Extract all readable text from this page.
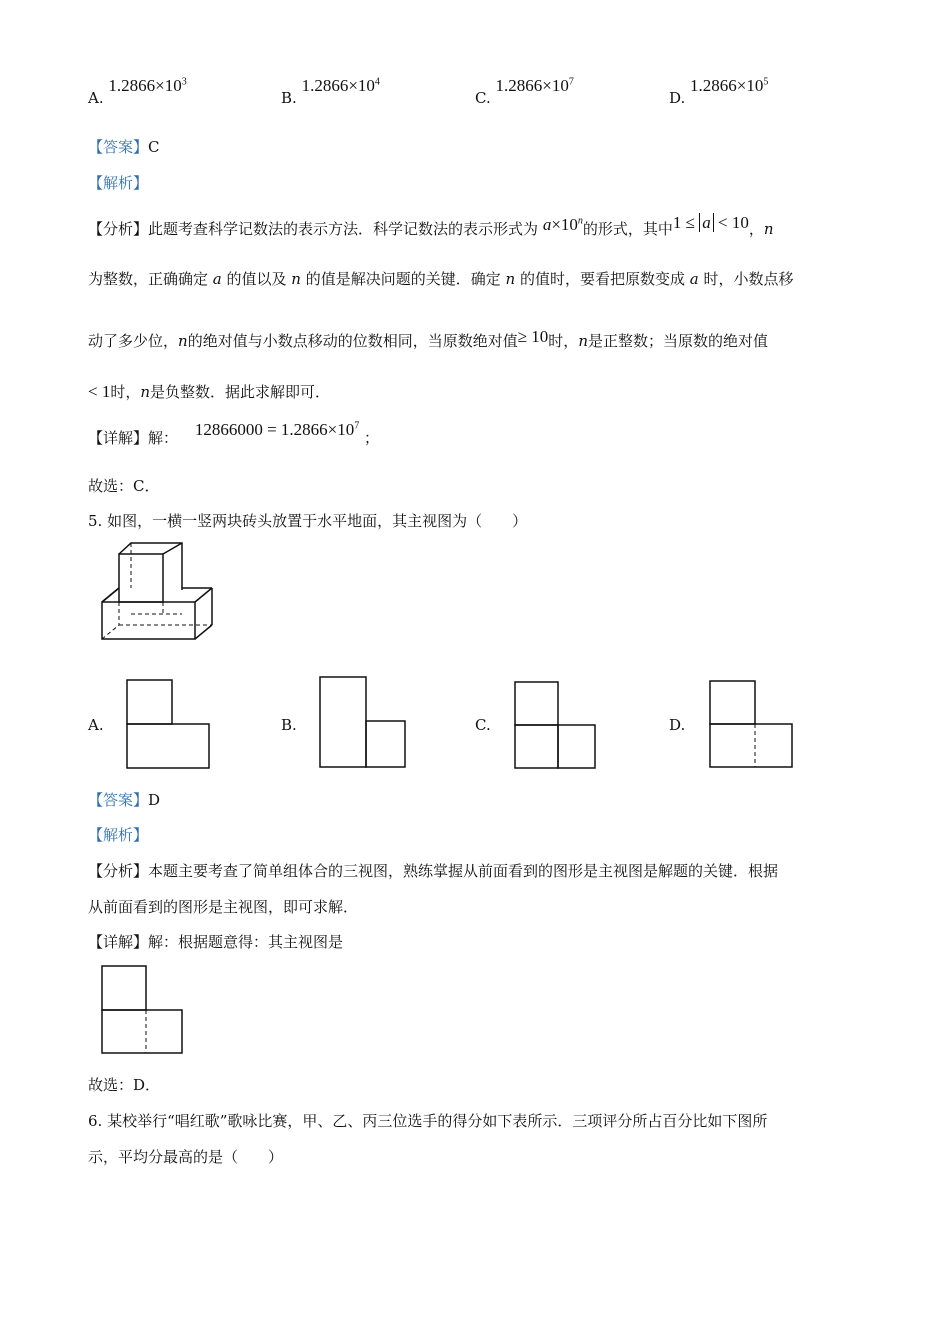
A. $1.2866\times 10^3$
B. $1.2866\times 10^4$
C. $1.2866\times 10^7$
D. $1.2866\times 10^5$
【答案】C
【解析】
【分析】此题考查科学记数法的表示方法．科学记数法的表示形式为 $a\times 10^n$的形式，其中1 ≤ a < 10，n
为整数，正确确定 a 的值以及 n 的值是解决问题的关键．确定 n 的值时，要看把原数变成 a 时，小数点移
动了多少位，n的绝对值与小数点移动的位数相同，当原数绝对值≥ 10时，n是正整数；当原数的绝对值
< 1时，n是负整数．据此求解即可．
【详解】解： $12866000 = 1.2866\times 10^7$ ；
故选：C．
5. 如图，一横一竖两块砖头放置于水平地面，其主视图为（　　）
A.	B.	C.	D.
【答案】D
【解析】
【分析】本题主要考查了简单组体合的三视图，熟练掌握从前面看到的图形是主视图是解题的关键．根据
从前面看到的图形是主视图，即可求解．
【详解】解：根据题意得：其主视图是
故选：D．
6. 某校举行“唱红歌”歌咏比赛，甲、乙、丙三位选手的得分如下表所示．三项评分所占百分比如下图所
示，平均分最高的是（　　）
